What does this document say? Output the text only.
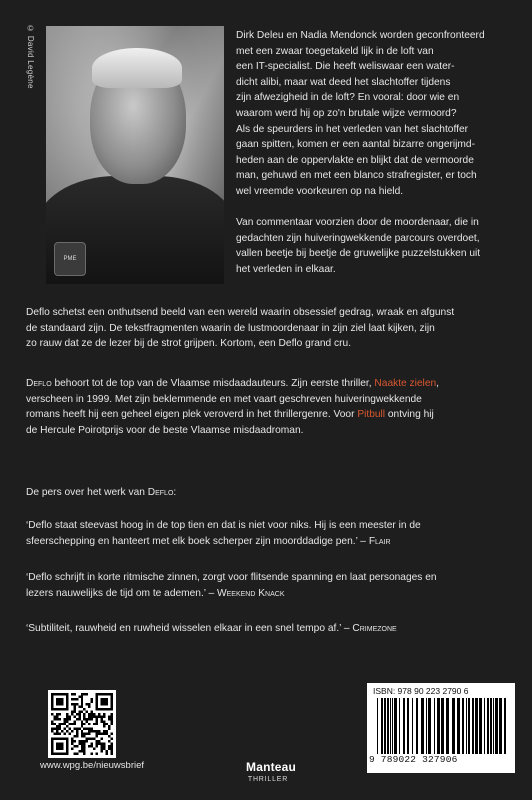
© David Legène
PME
Dirk Deleu en Nadia Mendonck worden geconfronteerd
met een zwaar toegetakeld lijk in de loft van
een IT-specialist. Die heeft weliswaar een water-
dicht alibi, maar wat deed het slachtoffer tijdens
zijn afwezigheid in de loft? En vooral: door wie en
waarom werd hij op zo'n brutale wijze vermoord?
Als de speurders in het verleden van het slachtoffer
gaan spitten, komen er een aantal bizarre ongerijmd-
heden aan de oppervlakte en blijkt dat de vermoorde
man, gehuwd en met een blanco strafregister, er toch
wel vreemde voorkeuren op na hield.
Van commentaar voorzien door de moordenaar, die in
gedachten zijn huiveringwekkende parcours overdoet,
vallen beetje bij beetje de gruwelijke puzzelstukken uit
het verleden in elkaar.
Deflo schetst een onthutsend beeld van een wereld waarin obsessief gedrag, wraak en afgunst
de standaard zijn. De tekstfragmenten waarin de lustmoordenaar in zijn ziel laat kijken, zijn
zo rauw dat ze de lezer bij de strot grijpen. Kortom, een Deflo grand cru.
Deflo behoort tot de top van de Vlaamse misdaadauteurs. Zijn eerste thriller, Naakte zielen,
verscheen in 1999. Met zijn beklemmende en met vaart geschreven huiveringwekkende
romans heeft hij een geheel eigen plek veroverd in het thrillergenre. Voor Pitbull ontving hij
de Hercule Poirotprijs voor de beste Vlaamse misdaadroman.
De pers over het werk van Deflo:
‘Deflo staat steevast hoog in de top tien en dat is niet voor niks. Hij is een meester in de
sfeerschepping en hanteert met elk boek scherper zijn moorddadige pen.’ – Flair
‘Deflo schrijft in korte ritmische zinnen, zorgt voor flitsende spanning en laat personages en
lezers nauwelijks de tijd om te ademen.’ – Weekend Knack
‘Subtiliteit, rauwheid en ruwheid wisselen elkaar in een snel tempo af.’ – Crimezone
www.wpg.be/nieuwsbrief	Manteau
THRILLER
ISBN: 978 90 223 2790 6
9 789022 327906
